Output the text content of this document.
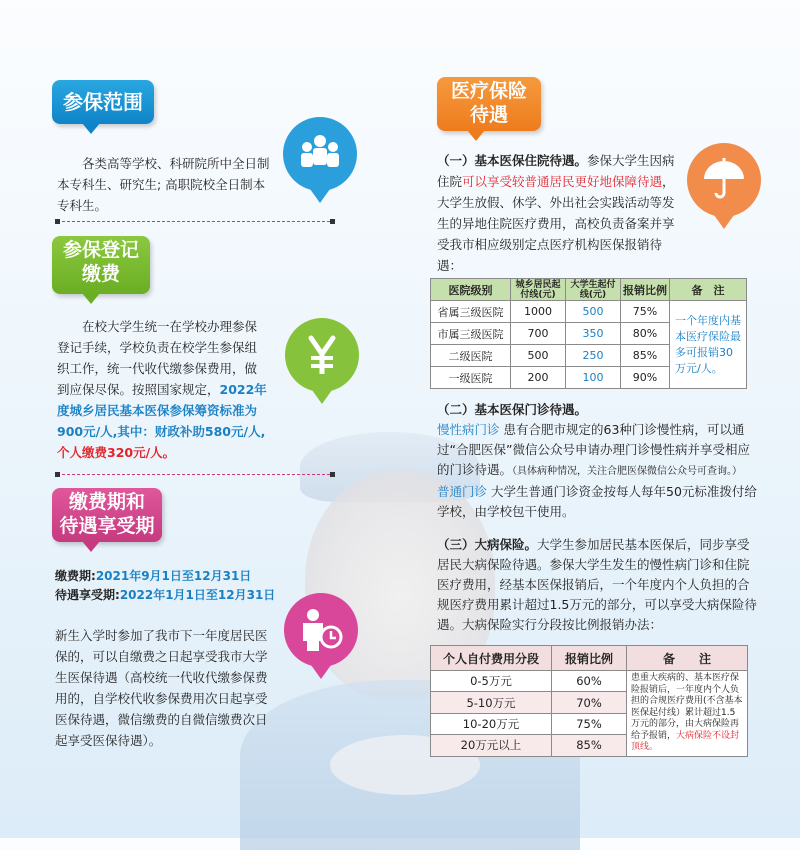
参保范围
各类高等学校、科研院所中全日制本专科生、研究生; 高职院校全日制本专科生。
参保登记
缴费
在校大学生统一在学校办理参保登记手续，学校负责在校学生参保组织工作，统一代收代缴参保费用，做到应保尽保。按照国家规定，2022年度城乡居民基本医保参保筹资标准为900元/人,其中：财政补助580元/人,个人缴费320元/人。
缴费期和
待遇享受期
缴费期:2021年9月1日至12月31日
待遇享受期:2022年1月1日至12月31日
新生入学时参加了我市下一年度居民医保的，可以自缴费之日起享受我市大学生医保待遇（高校统一代收代缴参保费用的，自学校代收参保费用次日起享受医保待遇，微信缴费的自微信缴费次日起享受医保待遇）。
医疗保险
待遇
（一）基本医保住院待遇。参保大学生因病住院可以享受较普通居民更好地保障待遇，大学生放假、休学、外出社会实践活动等发生的异地住院医疗费用，高校负责备案并享受我市相应级别定点医疗机构医保报销待遇：
医院级别	城乡居民起付线(元)	大学生起付线(元)	报销比例	备　注
省属三级医院	1000	500	75%	一个年度内基本医疗保险最多可报销30万元/人。
市属三级医院	700	350	80%	
二级医院	500	250	85%	
一级医院	200	100	90%	
（二）基本医保门诊待遇。
慢性病门诊 患有合肥市规定的63种门诊慢性病，可以通过“合肥医保”微信公众号申请办理门诊慢性病并享受相应的门诊待遇。（具体病种情况，关注合肥医保微信公众号可查询。）
普通门诊 大学生普通门诊资金按每人每年50元标准拨付给学校，由学校包干使用。
（三）大病保险。大学生参加居民基本医保后，同步享受居民大病保险待遇。参保大学生发生的慢性病门诊和住院医疗费用，经基本医保报销后，一个年度内个人负担的合规医疗费用累计超过1.5万元的部分，可以享受大病保险待遇。大病保险实行分段按比例报销办法：
个人自付费用分段	报销比例	备　　注
0-5万元	60%	患重大疾病的、基本医疗保险报销后，一年度内个人负担的合规医疗费用(不含基本医保起付线）累计超过1.5万元的部分，由大病保险再给予报销，大病保险不设封顶线。
5-10万元	70%	
10-20万元	75%	
20万元以上	85%	
